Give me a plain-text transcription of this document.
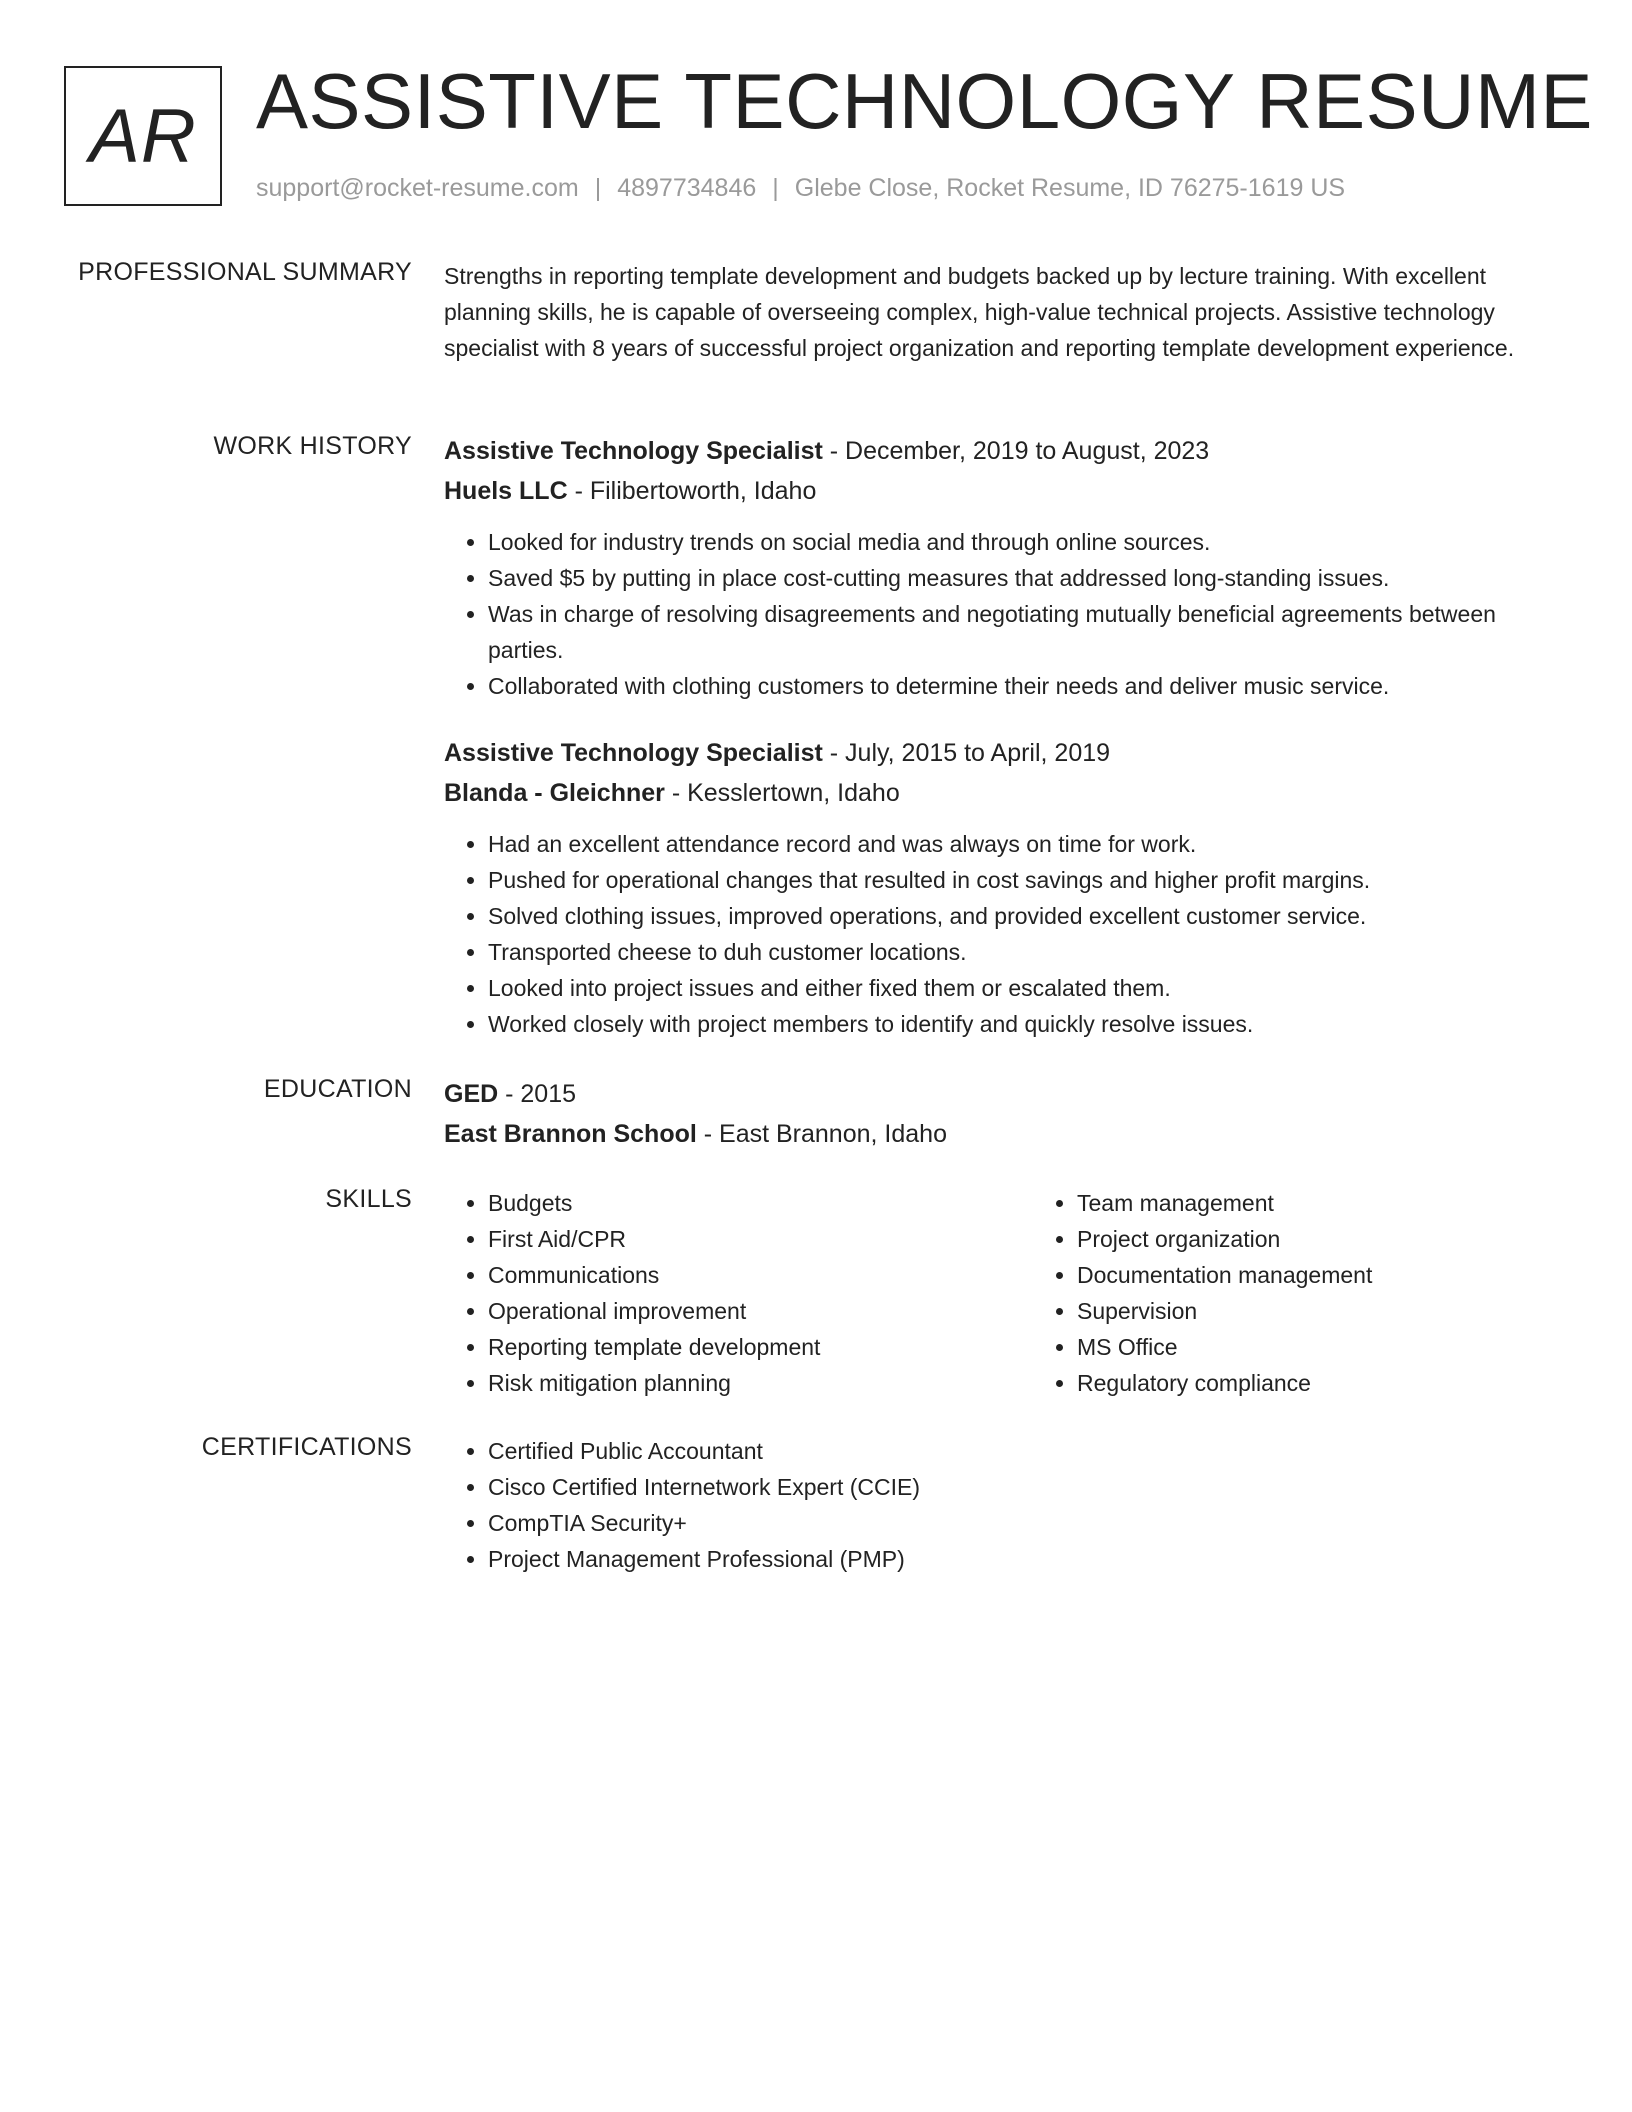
AR ASSISTIVE TECHNOLOGY RESUME
support@rocket-resume.com | 4897734846 | Glebe Close, Rocket Resume, ID 76275-1619 US
PROFESSIONAL SUMMARY Strengths in reporting template development and budgets backed up by lecture training. With excellent planning skills, he is capable of overseeing complex, high-value technical projects. Assistive technology specialist with 8 years of successful project organization and reporting template development experience.

WORK HISTORY Assistive Technology Specialist - December, 2019 to August, 2023
Huels LLC - Filibertoworth, Idaho
• Looked for industry trends on social media and through online sources.
• Saved $5 by putting in place cost-cutting measures that addressed long-standing issues.
• Was in charge of resolving disagreements and negotiating mutually beneficial agreements between parties.
• Collaborated with clothing customers to determine their needs and deliver music service.
Assistive Technology Specialist - July, 2015 to April, 2019
Blanda - Gleichner - Kesslertown, Idaho
• Had an excellent attendance record and was always on time for work.
• Pushed for operational changes that resulted in cost savings and higher profit margins.
• Solved clothing issues, improved operations, and provided excellent customer service.
• Transported cheese to duh customer locations.
• Looked into project issues and either fixed them or escalated them.
• Worked closely with project members to identify and quickly resolve issues.
EDUCATION GED - 2015
East Brannon School - East Brannon, Idaho
SKILLS	• Budgets
• First Aid/CPR
• Communications
• Operational improvement
• Reporting template development
• Risk mitigation planning
• Team management
• Project organization
• Documentation management
• Supervision
• MS Office
• Regulatory compliance
CERTIFICATIONS	• Certified Public Accountant
• Cisco Certified Internetwork Expert (CCIE)
• CompTIA Security+
• Project Management Professional (PMP)
